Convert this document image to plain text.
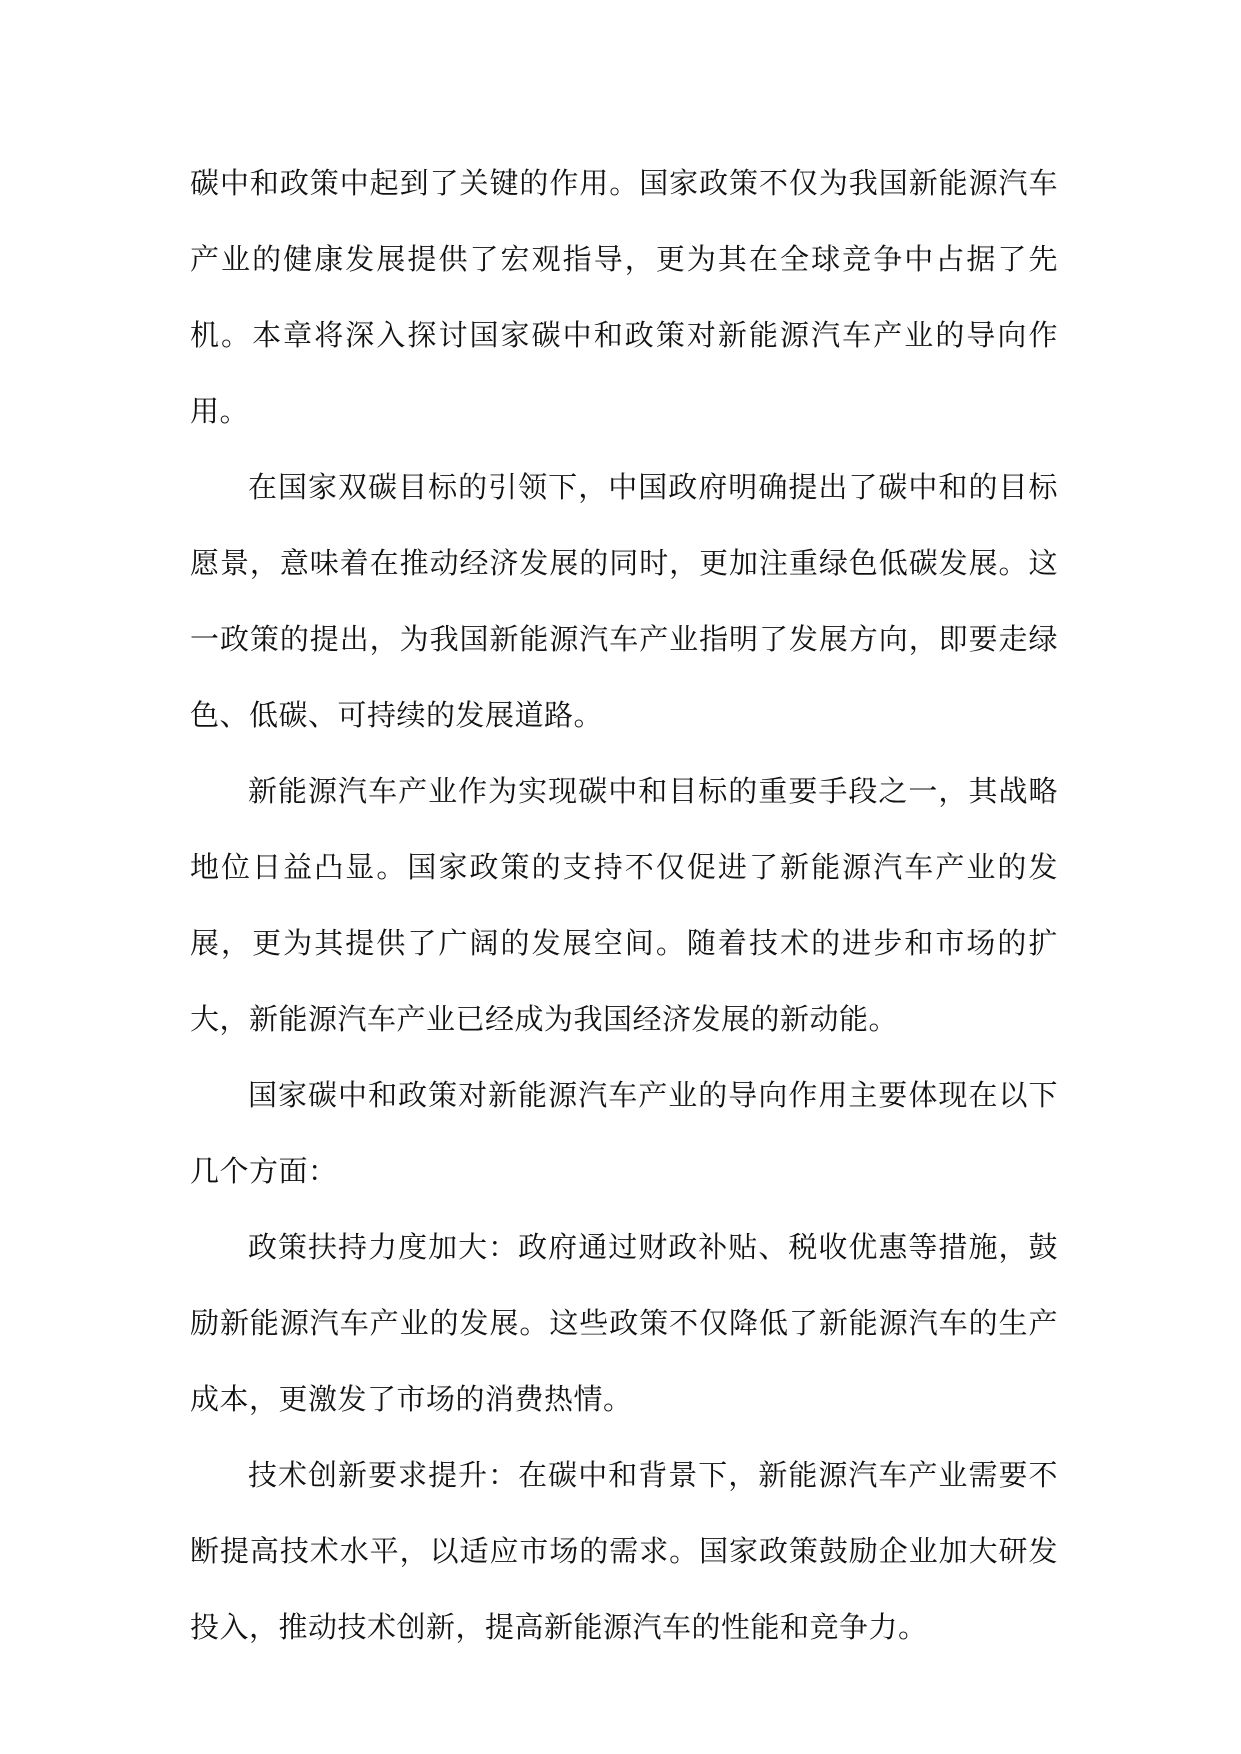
碳中和政策中起到了关键的作用。国家政策不仅为我国新能源汽车产业的健康发展提供了宏观指导，更为其在全球竞争中占据了先机。本章将深入探讨国家碳中和政策对新能源汽车产业的导向作用。

在国家双碳目标的引领下，中国政府明确提出了碳中和的目标愿景，意味着在推动经济发展的同时，更加注重绿色低碳发展。这一政策的提出，为我国新能源汽车产业指明了发展方向，即要走绿色、低碳、可持续的发展道路。

新能源汽车产业作为实现碳中和目标的重要手段之一，其战略地位日益凸显。国家政策的支持不仅促进了新能源汽车产业的发展，更为其提供了广阔的发展空间。随着技术的进步和市场的扩大，新能源汽车产业已经成为我国经济发展的新动能。

国家碳中和政策对新能源汽车产业的导向作用主要体现在以下几个方面：

政策扶持力度加大：政府通过财政补贴、税收优惠等措施，鼓励新能源汽车产业的发展。这些政策不仅降低了新能源汽车的生产成本，更激发了市场的消费热情。

技术创新要求提升：在碳中和背景下，新能源汽车产业需要不断提高技术水平，以适应市场的需求。国家政策鼓励企业加大研发投入，推动技术创新，提高新能源汽车的性能和竞争力。
